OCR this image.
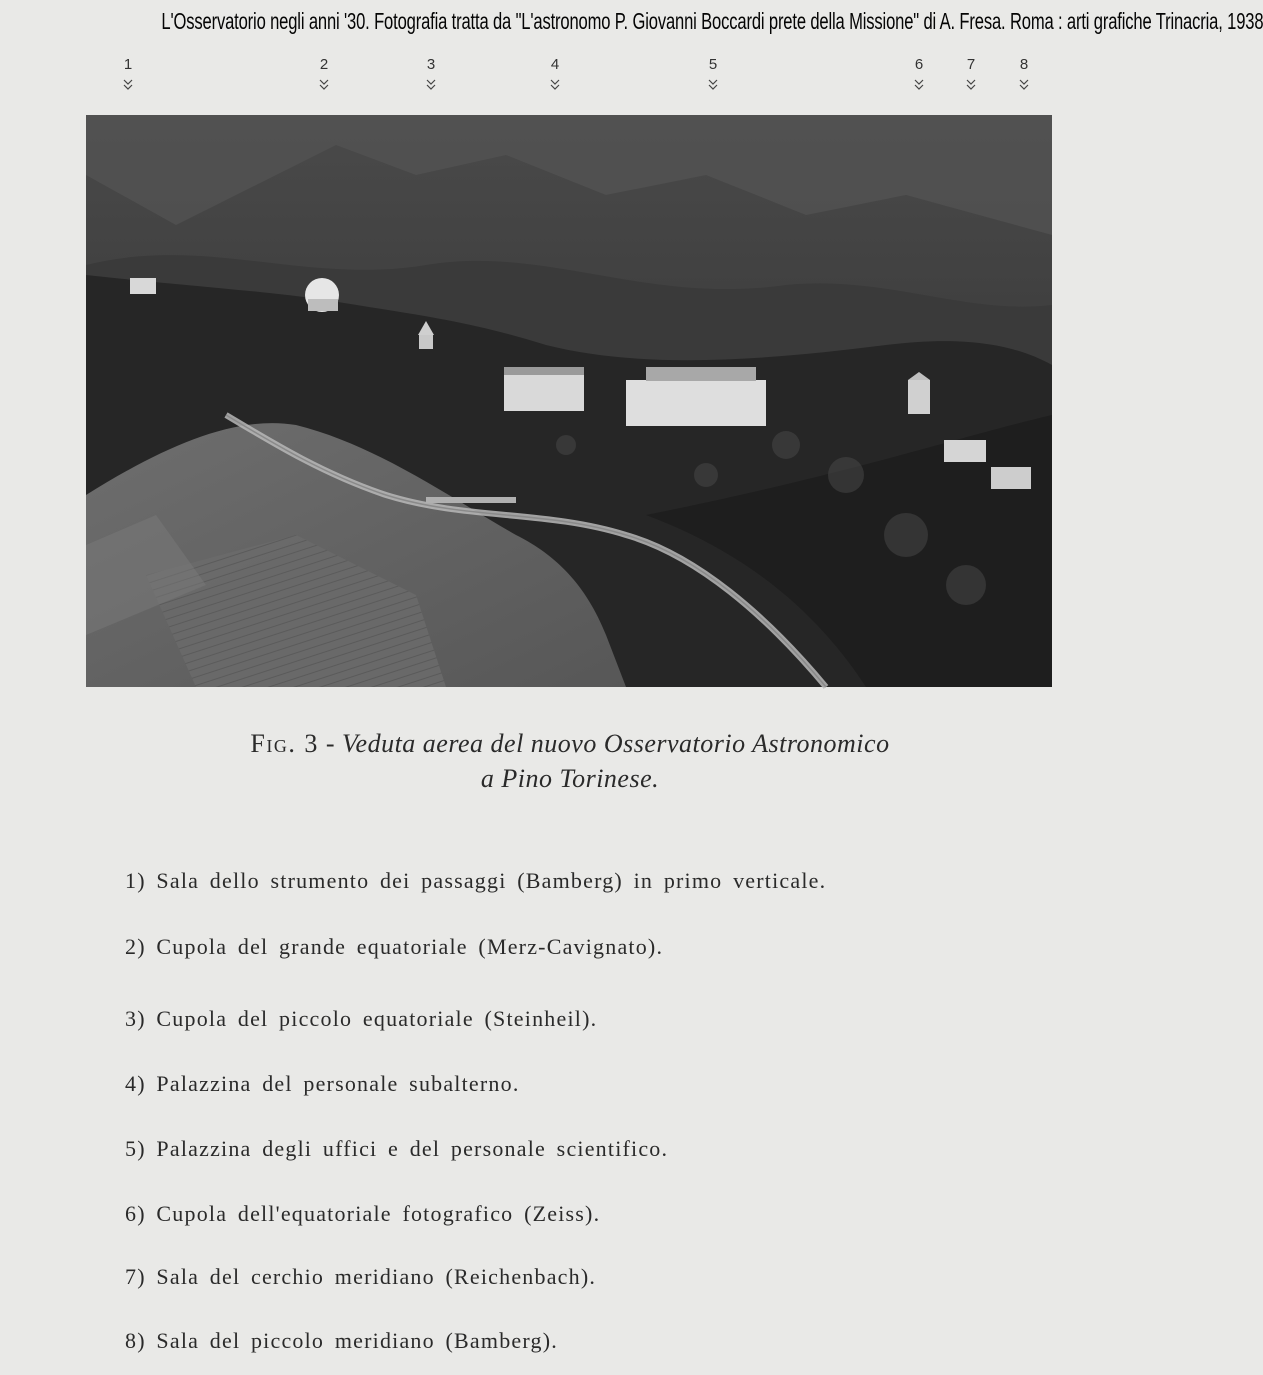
L'Osservatorio negli anni '30. Fotografia tratta da "L'astronomo P. Giovanni Boccardi prete della Missione" di A. Fresa. Roma : arti grafiche Trinacria, 1938
1	2	3	4	5	6	7	8
Fig. 3 - Veduta aerea del nuovo Osservatorio Astronomico
a Pino Torinese.
1) Sala dello strumento dei passaggi (Bamberg) in primo verticale.
2) Cupola del grande equatoriale (Merz-Cavignato).
3) Cupola del piccolo equatoriale (Steinheil).
4) Palazzina del personale subalterno.
5) Palazzina degli uffici e del personale scientifico.
6) Cupola dell'equatoriale fotografico (Zeiss).
7) Sala del cerchio meridiano (Reichenbach).
8) Sala del piccolo meridiano (Bamberg).
